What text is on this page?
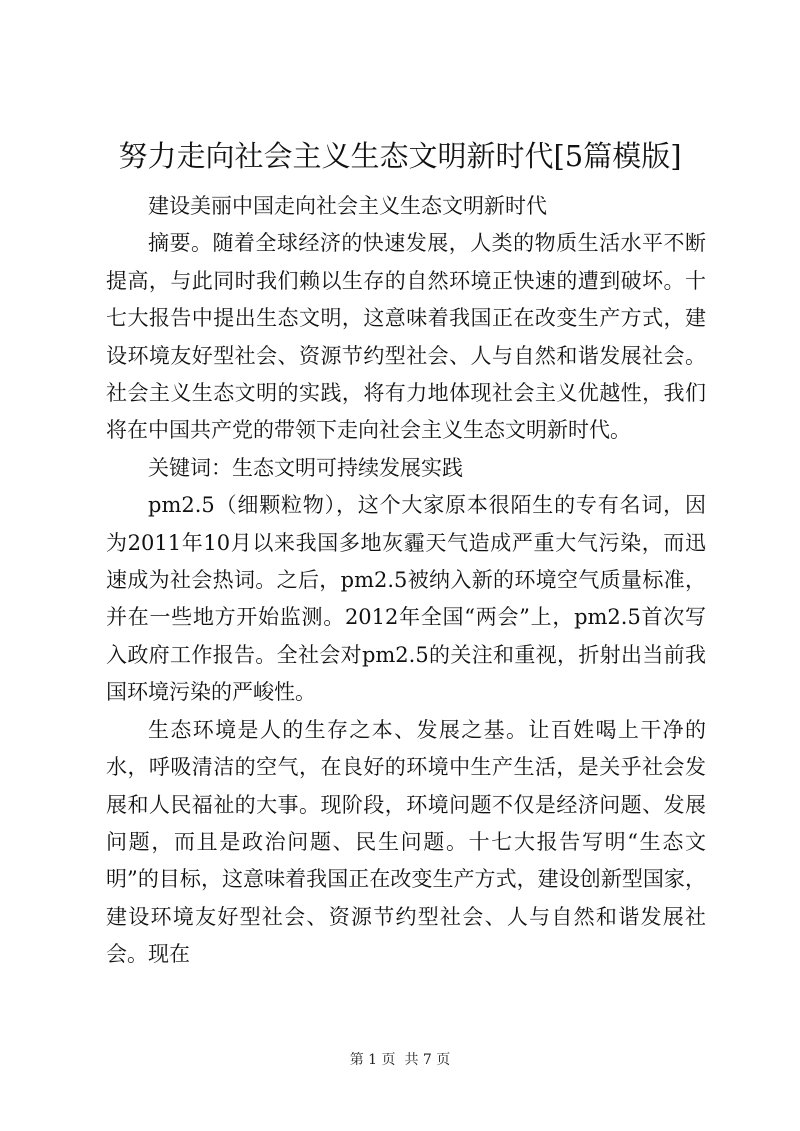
努力走向社会主义生态文明新时代[5篇模版]

建设美丽中国走向社会主义生态文明新时代

摘要。随着全球经济的快速发展，人类的物质生活水平不断提高，与此同时我们赖以生存的自然环境正快速的遭到破坏。十七大报告中提出生态文明，这意味着我国正在改变生产方式，建设环境友好型社会、资源节约型社会、人与自然和谐发展社会。社会主义生态文明的实践，将有力地体现社会主义优越性，我们将在中国共产党的带领下走向社会主义生态文明新时代。

关键词：生态文明可持续发展实践

pm2.5（细颗粒物），这个大家原本很陌生的专有名词，因为2011年10月以来我国多地灰霾天气造成严重大气污染，而迅速成为社会热词。之后，pm2.5被纳入新的环境空气质量标准，并在一些地方开始监测。2012年全国“两会”上，pm2.5首次写入政府工作报告。全社会对pm2.5的关注和重视，折射出当前我国环境污染的严峻性。

生态环境是人的生存之本、发展之基。让百姓喝上干净的水，呼吸清洁的空气，在良好的环境中生产生活，是关乎社会发展和人民福祉的大事。现阶段，环境问题不仅是经济问题、发展问题，而且是政治问题、民生问题。十七大报告写明“生态文明”的目标，这意味着我国正在改变生产方式，建设创新型国家，建设环境友好型社会、资源节约型社会、人与自然和谐发展社会。现在

第 1 页  共 7 页
